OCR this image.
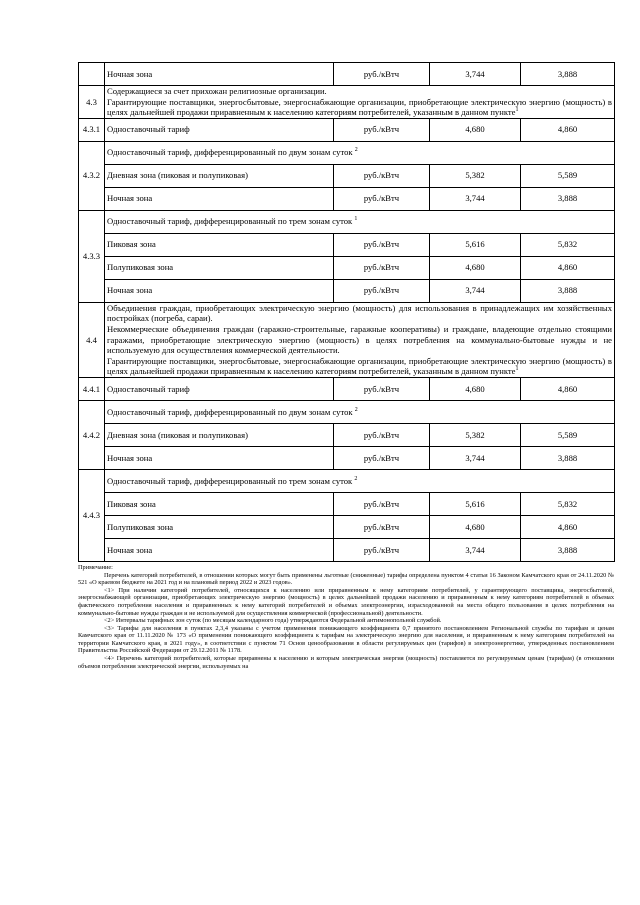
	Ночная зона	руб./кВтч	3,744	3,888
4.3	Содержащиеся за счет прихожан религиозные организации.
Гарантирующие поставщики, энергосбытовые, энергоснабжающие организации, приобретающие электрическую энергию (мощность) в целях дальнейшей продажи приравненным к населению категориям потребителей, указанным в данном пункте$^1$
4.3.1	Одноставочный тариф	руб./кВтч	4,680	4,860
4.3.2	Одноставочный тариф, дифференцированный по двум зонам суток $^2$
	Дневная зона (пиковая и полупиковая)	руб./кВтч	5,382	5,589
	Ночная зона	руб./кВтч	3,744	3,888
4.3.3	Одноставочный тариф, дифференцированный по трем зонам суток $^1$
	Пиковая зона	руб./кВтч	5,616	5,832
	Полупиковая зона	руб./кВтч	4,680	4,860
	Ночная зона	руб./кВтч	3,744	3,888
4.4	Объединения граждан, приобретающих электрическую энергию (мощность) для использования в принадлежащих им хозяйственных постройках (погреба, сараи).
Некоммерческие объединения граждан (гаражно-строительные, гаражные кооперативы) и граждане, владеющие отдельно стоящими гаражами, приобретающие электрическую энергию (мощность) в целях потребления на коммунально-бытовые нужды и не используемую для осуществления коммерческой деятельности.
Гарантирующие поставщики, энергосбытовые, энергоснабжающие организации, приобретающие электрическую энергию (мощность) в целях дальнейшей продажи приравненным к населению категориям потребителей, указанным в данном пункте$^1$
4.4.1	Одноставочный тариф	руб./кВтч	4,680	4,860
4.4.2	Одноставочный тариф, дифференцированный по двум зонам суток $^2$
	Дневная зона (пиковая и полупиковая)	руб./кВтч	5,382	5,589
	Ночная зона	руб./кВтч	3,744	3,888
4.4.3	Одноставочный тариф, дифференцированный по трем зонам суток $^2$
	Пиковая зона	руб./кВтч	5,616	5,832
	Полупиковая зона	руб./кВтч	4,680	4,860
	Ночная зона	руб./кВтч	3,744	3,888

Примечание:

Перечень категорий потребителей, в отношении которых могут быть применены льготные (сниженные) тарифы определена пунктом 4 статьи 16 Законом Камчатского края от 24.11.2020 № 521 «О краевом бюджете на 2021 год и на плановый период 2022 и 2023 годов».

<1> При наличии категорий потребителей, относящихся к населению или приравненным к нему категориям потребителей, у гарантирующего поставщика, энергосбытовой, энергоснабжающей организации, приобретающих электрическую энергию (мощность) в целях дальнейшей продажи населению и приравненным к нему категориям потребителей в объемах фактического потребления населения и приравненных к нему категорий потребителей и объемах электроэнергии, израсходованной на места общего пользования в целях потребления на коммунально-бытовые нужды граждан и не используемой для осуществления коммерческой (профессиональной) деятельности.

<2> Интервалы тарифных зон суток (по месяцам календарного года) утверждаются Федеральной антимонопольной службой.

<3> Тарифы для населения в пунктах 2,3,4 указаны с учетом применения понижающего коэффициента 0,7 принятого постановлением Региональной службы по тарифам и ценам Камчатского края от 11.11.2020 № 173 «О применении понижающего коэффициента к тарифам на электрическую энергию для населения, и приравненным к нему категориям потребителей на территории Камчатского края, в 2021 году», в соответствии с пунктом 71 Основ ценообразования в области регулируемых цен (тарифов) в электроэнергетике, утвержденных постановлением Правительства Российской Федерации от 29.12.2011 № 1178.

<4> Перечень категорий потребителей, которые приравнены к населению и которым электрическая энергия (мощность) поставляется по регулируемым ценам (тарифам) (в отношении объемов потребления электрической энергии, используемых на
